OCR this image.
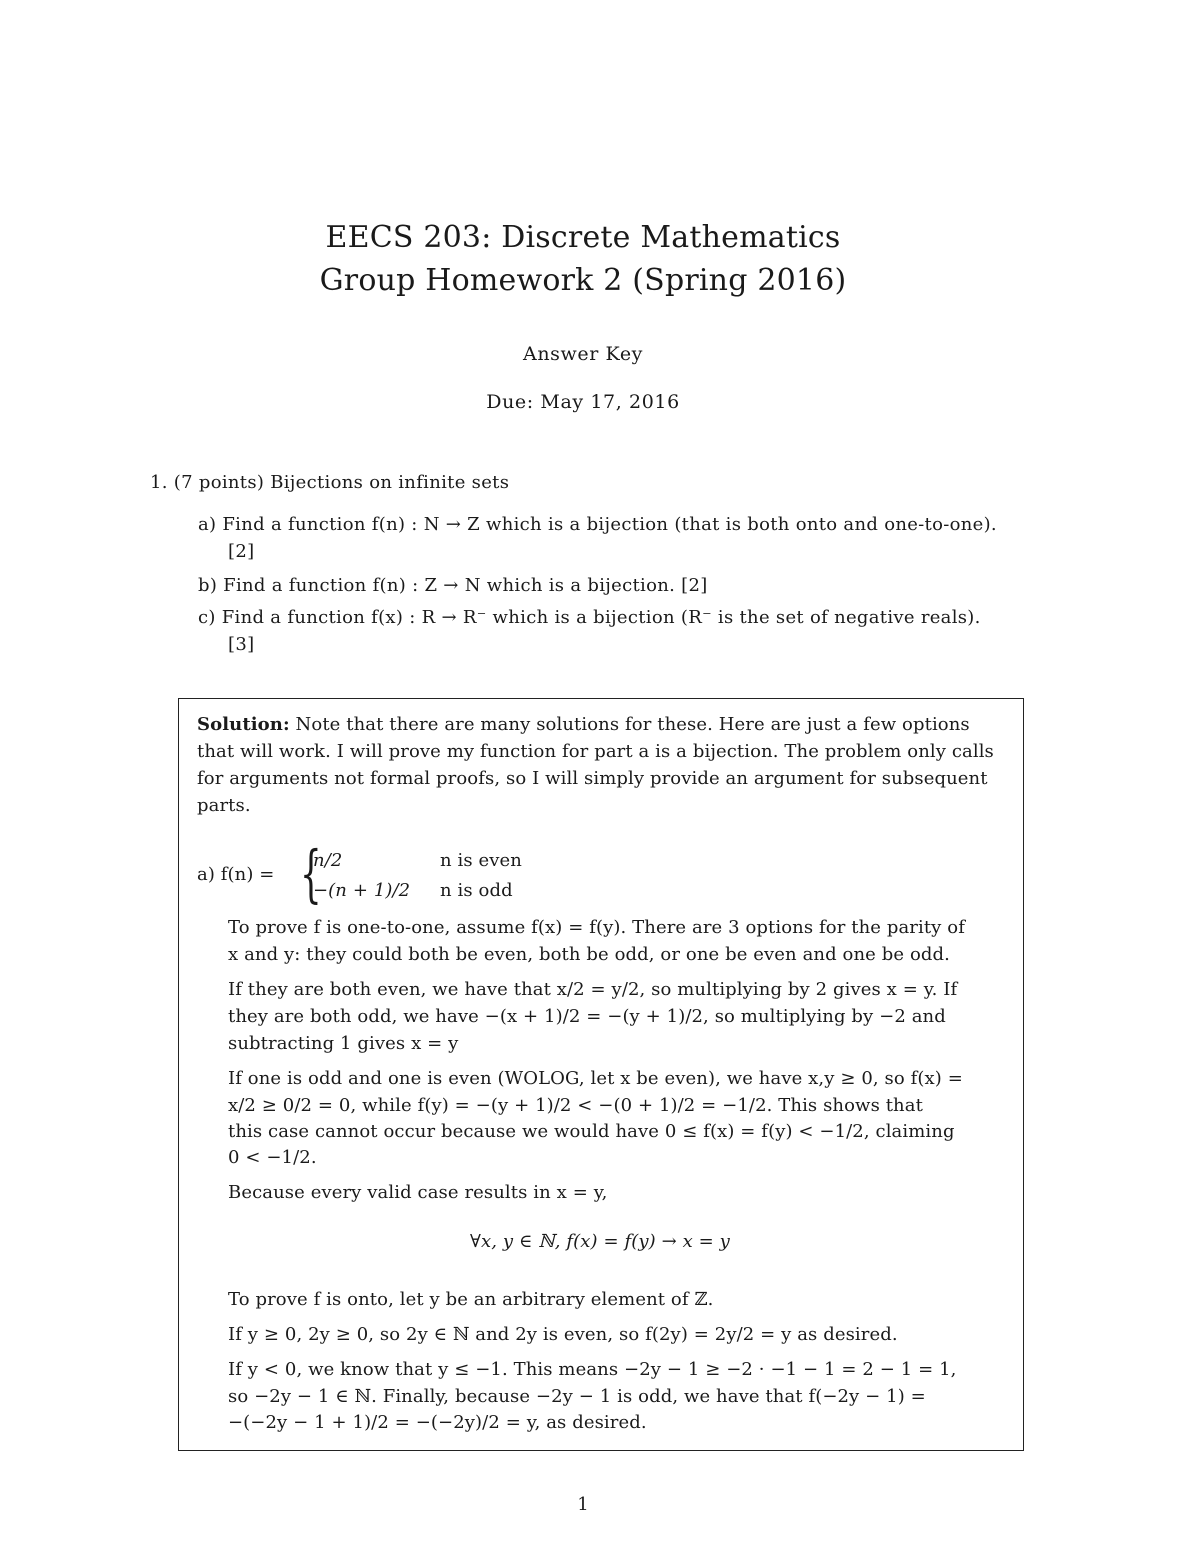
EECS 203: Discrete Mathematics
Group Homework 2 (Spring 2016)
Answer Key
Due: May 17, 2016
1. (7 points) Bijections on infinite sets
a) Find a function f(n) : N → Z which is a bijection (that is both onto and one-to-one).
[2]
b) Find a function f(n) : Z → N which is a bijection. [2]
c) Find a function f(x) : R → R⁻ which is a bijection (R⁻ is the set of negative reals).
[3]
Solution: Note that there are many solutions for these. Here are just a few options
that will work. I will prove my function for part a is a bijection. The problem only calls
for arguments not formal proofs, so I will simply provide an argument for subsequent
parts.
a) f(n) = {
n/2	n is even
−(n + 1)/2 n is odd
To prove f is one-to-one, assume f(x) = f(y). There are 3 options for the parity of
x and y: they could both be even, both be odd, or one be even and one be odd.
If they are both even, we have that x/2 = y/2, so multiplying by 2 gives x = y. If
they are both odd, we have −(x + 1)/2 = −(y + 1)/2, so multiplying by −2 and
subtracting 1 gives x = y
If one is odd and one is even (WOLOG, let x be even), we have x,y ≥ 0, so f(x) =
x/2 ≥ 0/2 = 0, while f(y) = −(y + 1)/2 < −(0 + 1)/2 = −1/2. This shows that
this case cannot occur because we would have 0 ≤ f(x) = f(y) < −1/2, claiming
0 < −1/2.
Because every valid case results in x = y,
∀x, y ∈ ℕ, f(x) = f(y) → x = y
To prove f is onto, let y be an arbitrary element of ℤ.
If y ≥ 0, 2y ≥ 0, so 2y ∈ ℕ and 2y is even, so f(2y) = 2y/2 = y as desired.
If y < 0, we know that y ≤ −1. This means −2y − 1 ≥ −2 · −1 − 1 = 2 − 1 = 1,
so −2y − 1 ∈ ℕ. Finally, because −2y − 1 is odd, we have that f(−2y − 1) =
−(−2y − 1 + 1)/2 = −(−2y)/2 = y, as desired.
1
